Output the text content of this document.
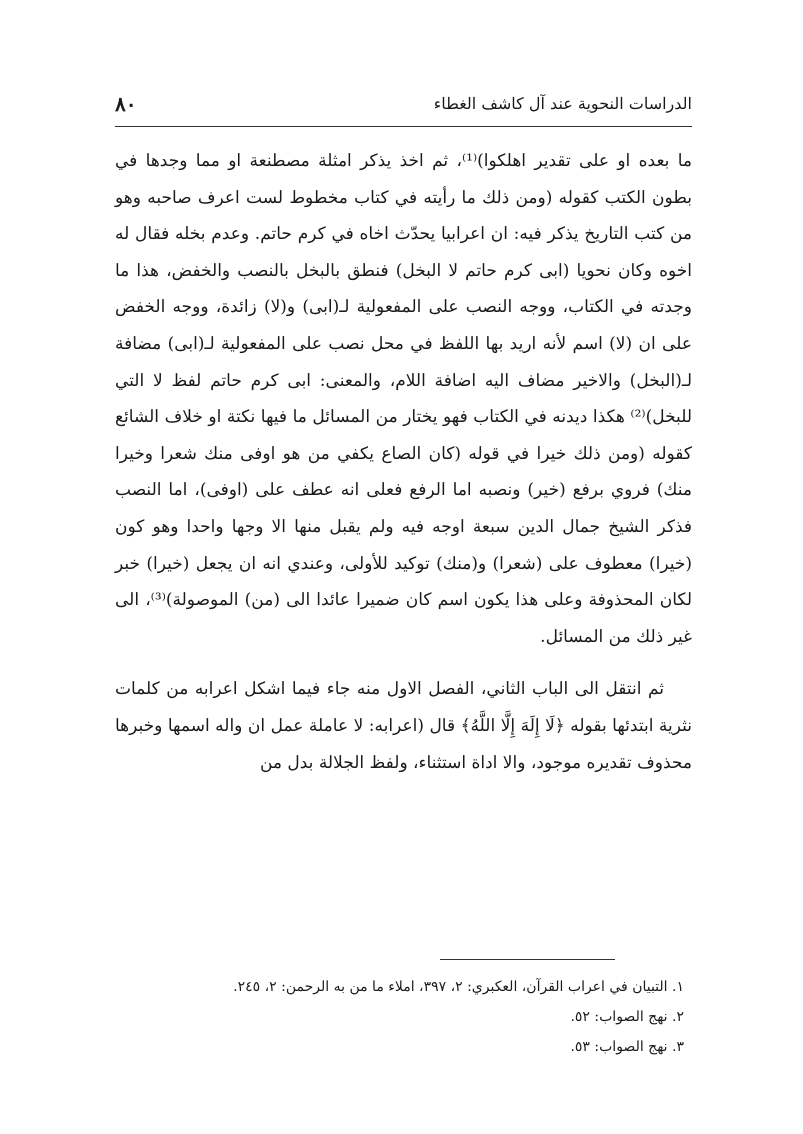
الدراسات النحوية عند آل كاشف الغطاء
٨٠

ما بعده او على تقدير اهلكوا)⁽¹⁾، ثم اخذ يذكر امثلة مصطنعة او مما وجدها في بطون الكتب كقوله (ومن ذلك ما رأيته في كتاب مخطوط لست اعرف صاحبه وهو من كتب التاريخ يذكر فيه: ان اعرابيا يحدّث اخاه في كرم حاتم. وعدم بخله فقال له اخوه وكان نحويا (ابى كرم حاتم لا البخل) فنطق بالبخل بالنصب والخفض، هذا ما وجدته في الكتاب، ووجه النصب على المفعولية لـ(ابى) و(لا) زائدة، ووجه الخفض على ان (لا) اسم لأنه اريد بها اللفظ في محل نصب على المفعولية لـ(ابى) مضافة لـ(البخل) والاخير مضاف اليه اضافة اللام، والمعنى: ابى كرم حاتم لفظ لا التي للبخل)⁽²⁾ هكذا ديدنه في الكتاب فهو يختار من المسائل ما فيها نكتة او خلاف الشائع كقوله (ومن ذلك خيرا في قوله (كان الصاع يكفي من هو اوفى منك شعرا وخيرا منك) فروي برفع (خير) ونصبه اما الرفع فعلى انه عطف على (اوفى)، اما النصب فذكر الشيخ جمال الدين سبعة اوجه فيه ولم يقبل منها الا وجها واحدا وهو كون (خيرا) معطوف على (شعرا) و(منك) توكيد للأولى، وعندي انه ان يجعل (خيرا) خبر لكان المحذوفة وعلى هذا يكون اسم كان ضميرا عائدا الى (من) الموصولة)⁽³⁾، الى غير ذلك من المسائل.

ثم انتقل الى الباب الثاني، الفصل الاول منه جاء فيما اشكل اعرابه من كلمات نثرية ابتدئها بقوله ﴿لَا إِلَهَ إِلَّا اللَّهُ﴾ قال (اعرابه: لا عاملة عمل ان واله اسمها وخبرها محذوف تقديره موجود، والا اداة استثناء، ولفظ الجلالة بدل من

١. التبيان في اعراب القرآن، العكبري: ٢، ٣٩٧، املاء ما من به الرحمن: ٢، ٢٤٥.
٢. نهج الصواب: ٥٢.
٣. نهج الصواب: ٥٣.
